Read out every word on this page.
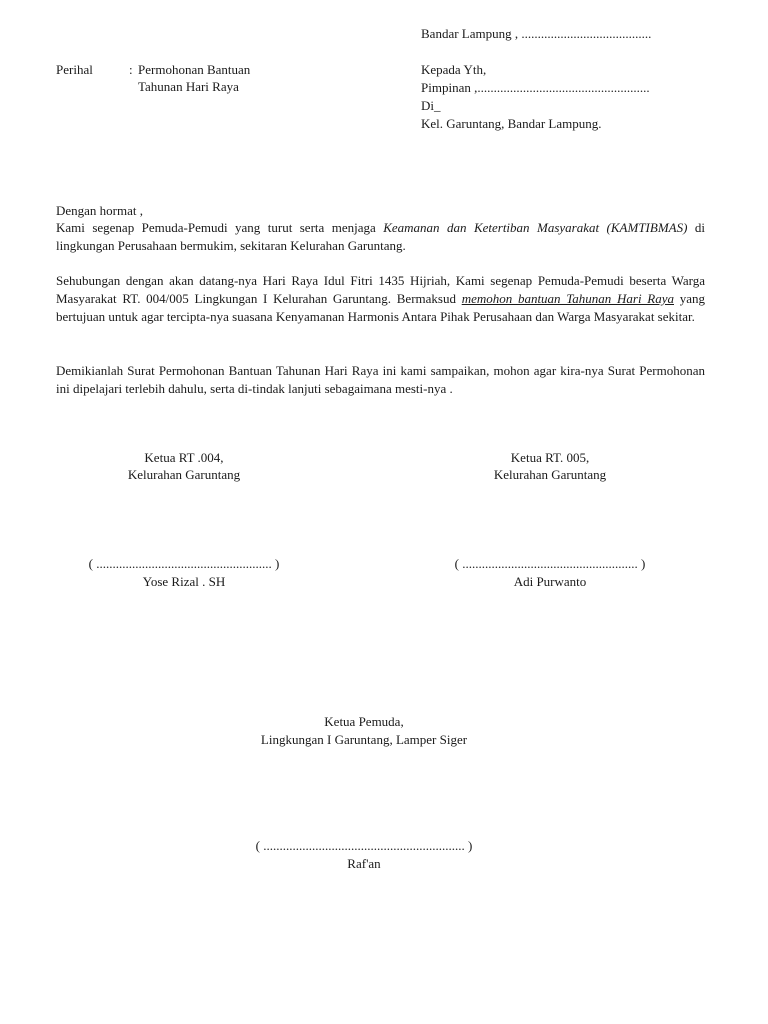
Bandar Lampung , ........................................
Perihal	: Permohonan Bantuan
Tahunan Hari Raya
Kepada Yth,
Pimpinan ,.....................................................
Di_
Kel. Garuntang, Bandar Lampung.
Dengan hormat ,
Kami segenap Pemuda-Pemudi yang turut serta menjaga Keamanan dan Ketertiban Masyarakat (KAMTIBMAS) di lingkungan Perusahaan bermukim, sekitaran Kelurahan Garuntang.
Sehubungan dengan akan datang-nya Hari Raya Idul Fitri 1435 Hijriah, Kami segenap Pemuda-Pemudi beserta Warga Masyarakat RT. 004/005 Lingkungan I Kelurahan Garuntang. Bermaksud memohon bantuan Tahunan Hari Raya yang bertujuan untuk agar tercipta-nya suasana Kenyamanan Harmonis Antara Pihak Perusahaan dan Warga Masyarakat sekitar.
Demikianlah Surat Permohonan Bantuan Tahunan Hari Raya ini kami sampaikan, mohon agar kira-nya Surat Permohonan ini dipelajari terlebih dahulu, serta di-tindak lanjuti sebagaimana mesti-nya .
Ketua RT .004,
Kelurahan Garuntang
( ...................................................... )
Yose Rizal . SH
Ketua RT. 005,
Kelurahan Garuntang
( ...................................................... )
Adi Purwanto
Ketua Pemuda,
Lingkungan I Garuntang, Lamper Siger
( .............................................................. )
Raf'an
